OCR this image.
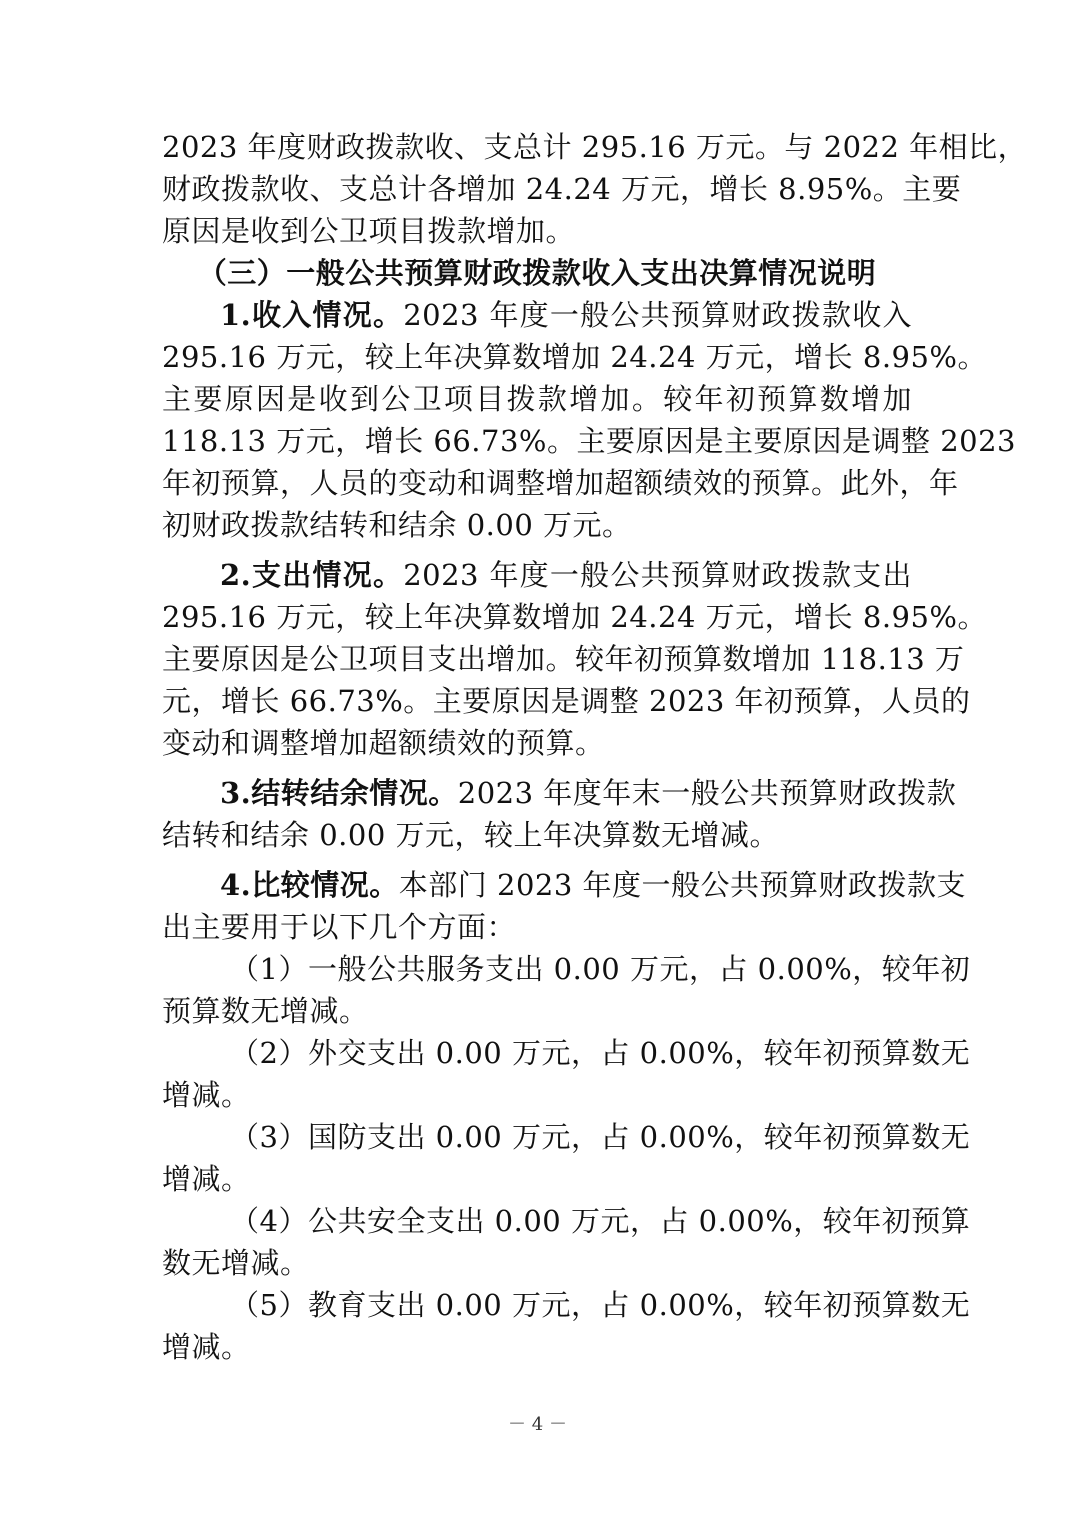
2023 年度财政拨款收、支总计 295.16 万元。与 2022 年相比，
财政拨款收、支总计各增加 24.24 万元，增长 8.95%。主要
原因是收到公卫项目拨款增加。
（三）一般公共预算财政拨款收入支出决算情况说明
1.收入情况。2023 年度一般公共预算财政拨款收入
295.16 万元，较上年决算数增加 24.24 万元，增长 8.95%。
主要原因是收到公卫项目拨款增加。较年初预算数增加
118.13 万元，增长 66.73%。主要原因是主要原因是调整 2023
年初预算，人员的变动和调整增加超额绩效的预算。此外，年
初财政拨款结转和结余 0.00 万元。
2.支出情况。2023 年度一般公共预算财政拨款支出
295.16 万元，较上年决算数增加 24.24 万元，增长 8.95%。
主要原因是公卫项目支出增加。较年初预算数增加 118.13 万
元，增长 66.73%。主要原因是调整 2023 年初预算，人员的
变动和调整增加超额绩效的预算。
3.结转结余情况。2023 年度年末一般公共预算财政拨款
结转和结余 0.00 万元，较上年决算数无增减。
4.比较情况。本部门 2023 年度一般公共预算财政拨款支
出主要用于以下几个方面：
（1）一般公共服务支出 0.00 万元，占 0.00%，较年初
预算数无增减。
（2）外交支出 0.00 万元，占 0.00%，较年初预算数无
增减。
（3）国防支出 0.00 万元，占 0.00%，较年初预算数无
增减。
（4）公共安全支出 0.00 万元，占 0.00%，较年初预算
数无增减。
（5）教育支出 0.00 万元，占 0.00%，较年初预算数无
增减。
－ 4 －
